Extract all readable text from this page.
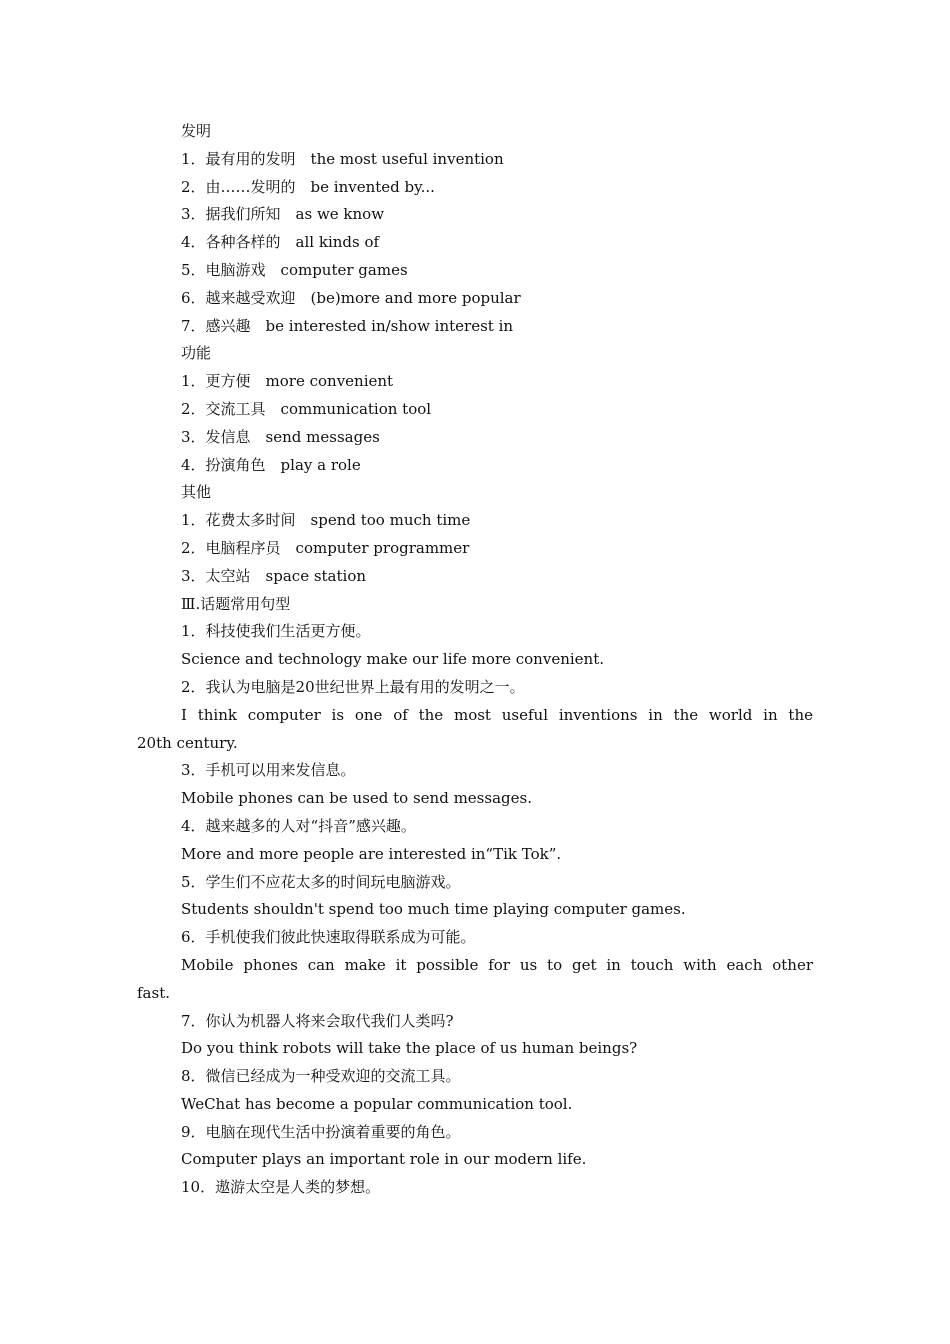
发明
1．最有用的发明　the most useful invention
2．由……发明的　be invented by...
3．据我们所知　as we know
4．各种各样的　all kinds of
5．电脑游戏　computer games
6．越来越受欢迎　(be)more and more popular
7．感兴趣　be interested in/show interest in
功能
1．更方便　more convenient
2．交流工具　communication tool
3．发信息　send messages
4．扮演角色　play a role
其他
1．花费太多时间　spend too much time
2．电脑程序员　computer programmer
3．太空站　space station
Ⅲ.话题常用句型
1．科技使我们生活更方便。
Science and technology make our life more convenient.
2．我认为电脑是20世纪世界上最有用的发明之一。
I think computer is one of the most useful inventions in the world in the
20th century.
3．手机可以用来发信息。
Mobile phones can be used to send messages.
4．越来越多的人对“抖音”感兴趣。
More and more people are interested in“Tik Tok”.
5．学生们不应花太多的时间玩电脑游戏。
Students shouldn't spend too much time playing computer games.
6．手机使我们彼此快速取得联系成为可能。
Mobile phones can make it possible for us to get in touch with each other
fast.
7．你认为机器人将来会取代我们人类吗?
Do you think robots will take the place of us human beings?
8．微信已经成为一种受欢迎的交流工具。
WeChat has become a popular communication tool.
9．电脑在现代生活中扮演着重要的角色。
Computer plays an important role in our modern life.
10．遨游太空是人类的梦想。
